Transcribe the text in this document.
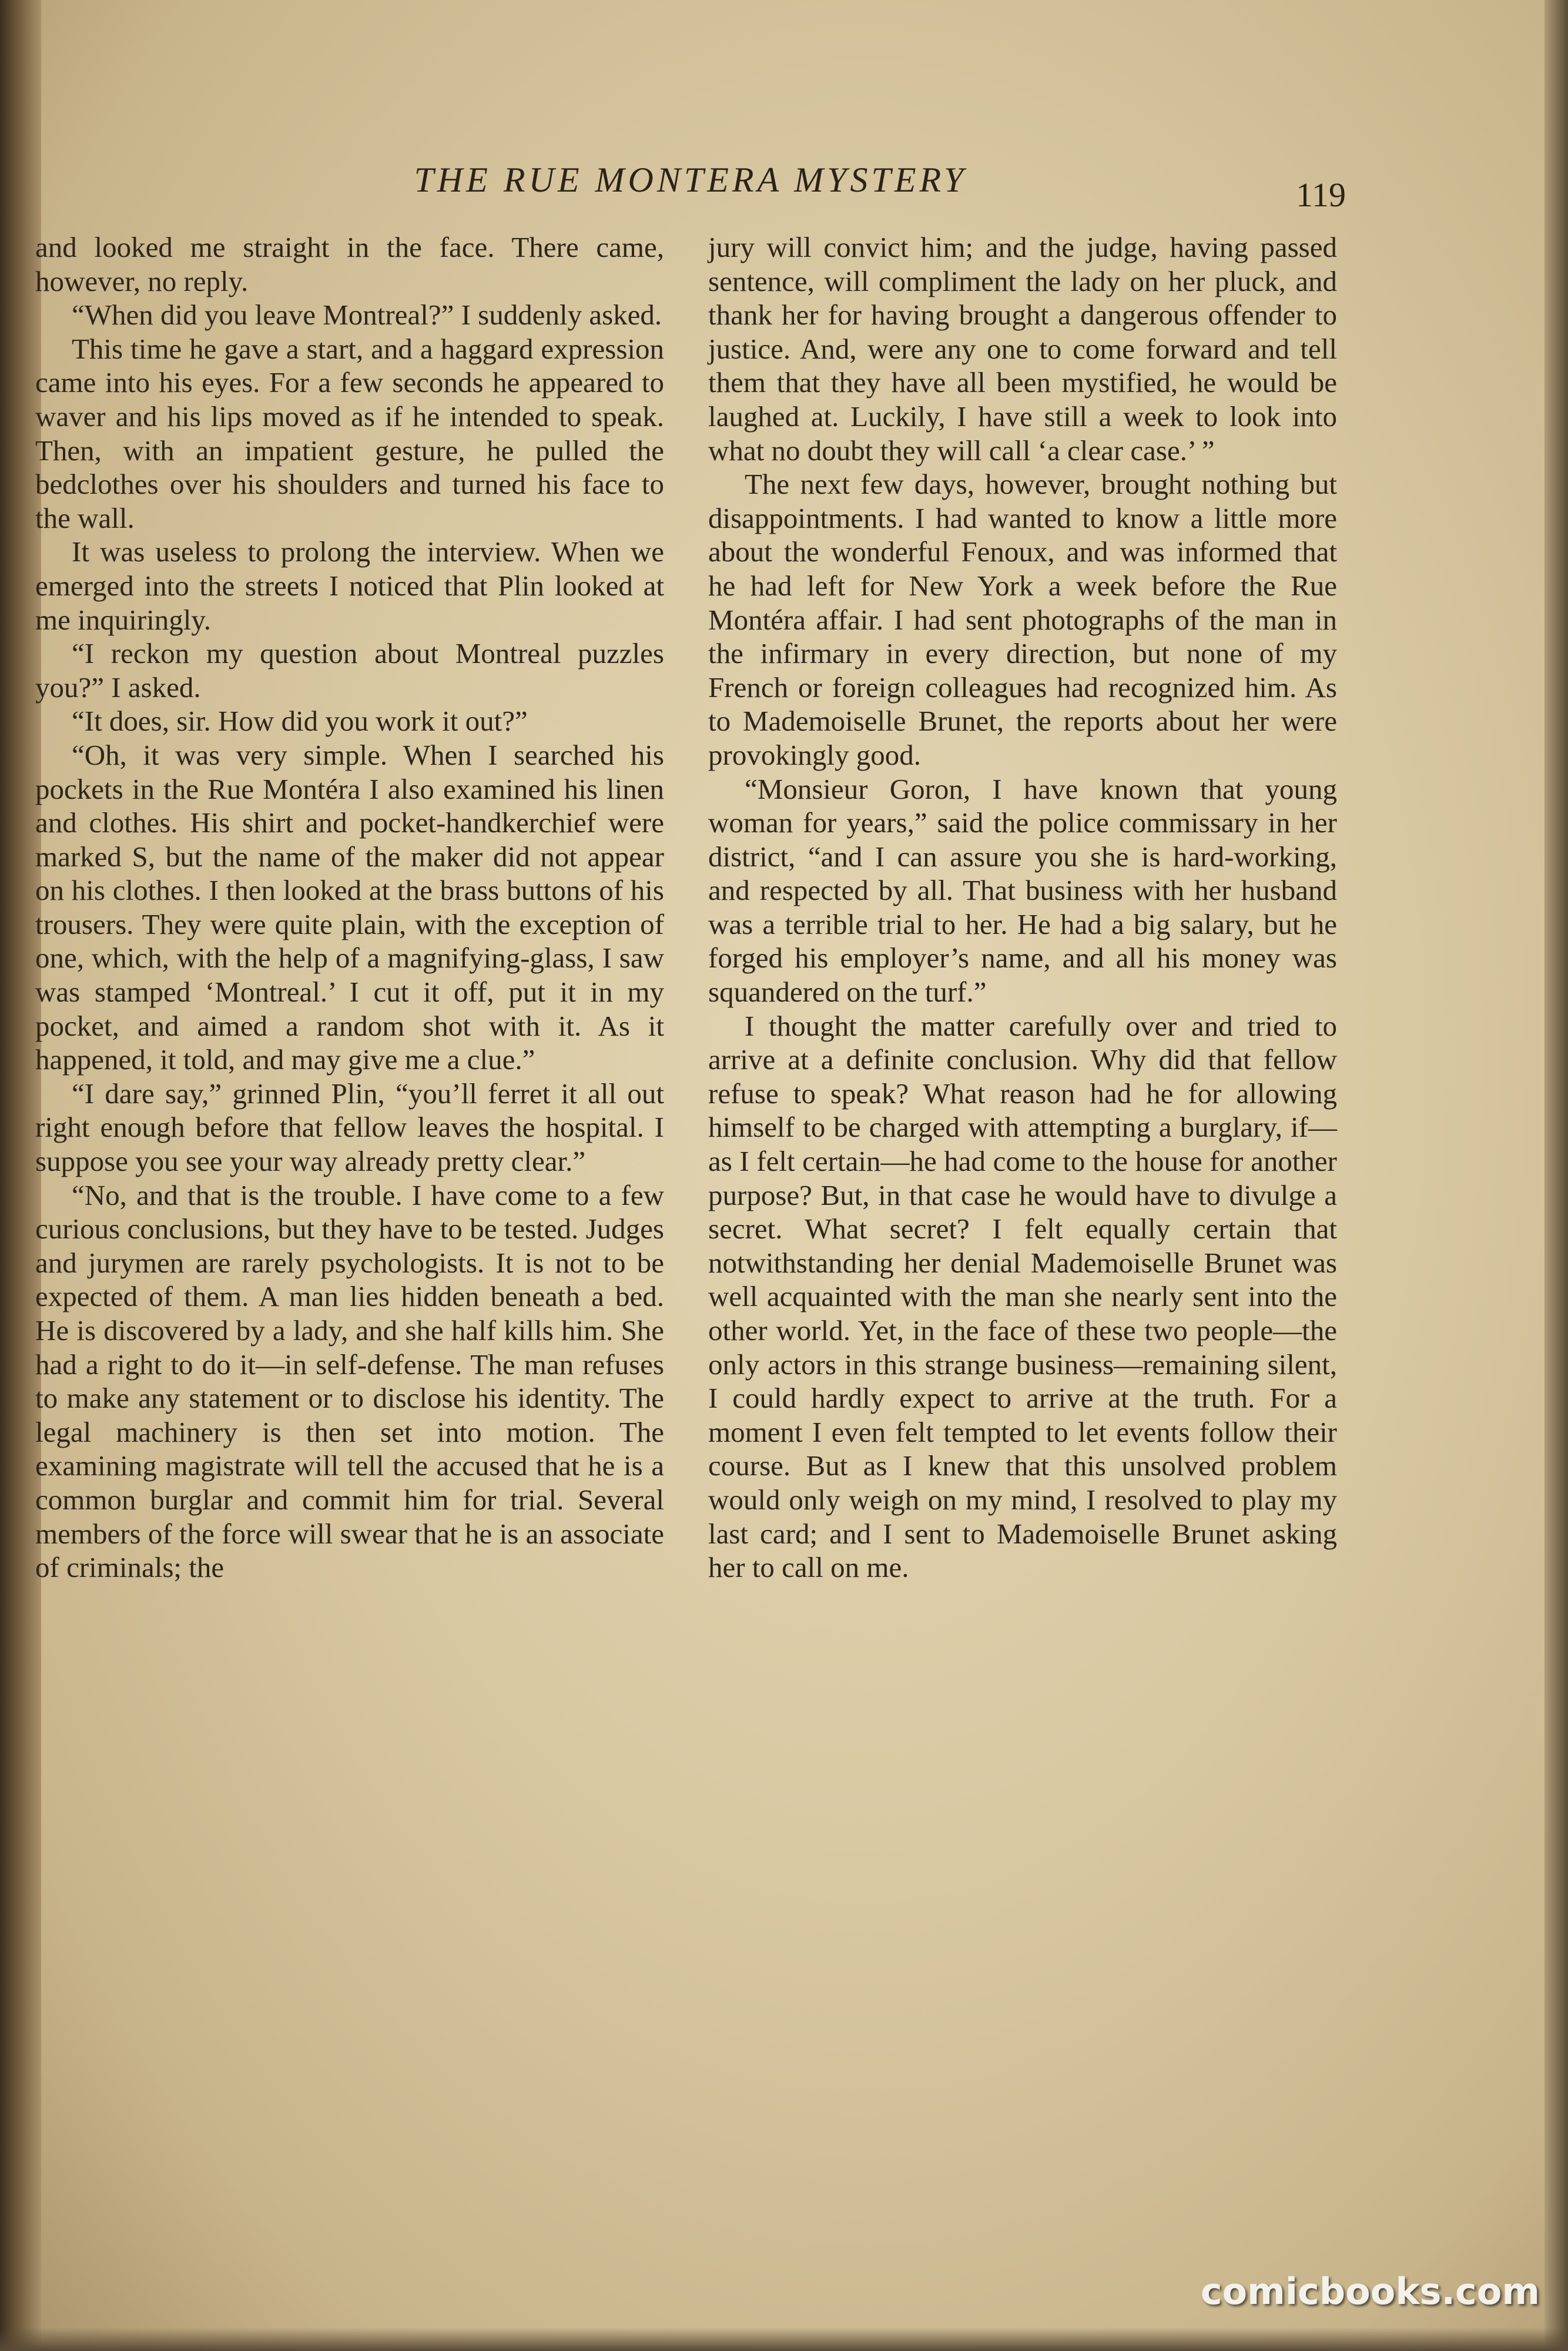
THE RUE MONTERA MYSTERY	119

and looked me straight in the face. There came, however, no reply.

“When did you leave Montreal?” I suddenly asked.

This time he gave a start, and a haggard expression came into his eyes. For a few seconds he appeared to waver and his lips moved as if he intended to speak. Then, with an impatient gesture, he pulled the bedclothes over his shoulders and turned his face to the wall.

It was useless to prolong the interview. When we emerged into the streets I noticed that Plin looked at me inquiringly.

“I reckon my question about Montreal puzzles you?” I asked.

“It does, sir. How did you work it out?”

“Oh, it was very simple. When I searched his pockets in the Rue Montéra I also examined his linen and clothes. His shirt and pocket-handkerchief were marked S, but the name of the maker did not appear on his clothes. I then looked at the brass buttons of his trousers. They were quite plain, with the exception of one, which, with the help of a magnifying-glass, I saw was stamped ‘Montreal.’ I cut it off, put it in my pocket, and aimed a random shot with it. As it happened, it told, and may give me a clue.”

“I dare say,” grinned Plin, “you’ll ferret it all out right enough before that fellow leaves the hospital. I suppose you see your way already pretty clear.”

“No, and that is the trouble. I have come to a few curious conclusions, but they have to be tested. Judges and jurymen are rarely psychologists. It is not to be expected of them. A man lies hidden beneath a bed. He is discovered by a lady, and she half kills him. She had a right to do it—in self-defense. The man refuses to make any statement or to disclose his identity. The legal machinery is then set into motion. The examining magistrate will tell the accused that he is a common burglar and commit him for trial. Several members of the force will swear that he is an associate of criminals; the

jury will convict him; and the judge, having passed sentence, will compliment the lady on her pluck, and thank her for having brought a dangerous offender to justice. And, were any one to come forward and tell them that they have all been mystified, he would be laughed at. Luckily, I have still a week to look into what no doubt they will call ‘a clear case.’ ”

The next few days, however, brought nothing but disappointments. I had wanted to know a little more about the wonderful Fenoux, and was informed that he had left for New York a week before the Rue Montéra affair. I had sent photographs of the man in the infirmary in every direction, but none of my French or foreign colleagues had recognized him. As to Mademoiselle Brunet, the reports about her were provokingly good.

“Monsieur Goron, I have known that young woman for years,” said the police commissary in her district, “and I can assure you she is hard-working, and respected by all. That business with her husband was a terrible trial to her. He had a big salary, but he forged his employer’s name, and all his money was squandered on the turf.”

I thought the matter carefully over and tried to arrive at a definite conclusion. Why did that fellow refuse to speak? What reason had he for allowing himself to be charged with attempting a burglary, if—as I felt certain—he had come to the house for another purpose? But, in that case he would have to divulge a secret. What secret? I felt equally certain that notwithstanding her denial Mademoiselle Brunet was well acquainted with the man she nearly sent into the other world. Yet, in the face of these two people—the only actors in this strange business—remaining silent, I could hardly expect to arrive at the truth. For a moment I even felt tempted to let events follow their course. But as I knew that this unsolved problem would only weigh on my mind, I resolved to play my last card; and I sent to Mademoiselle Brunet asking her to call on me.

comicbooks.com
